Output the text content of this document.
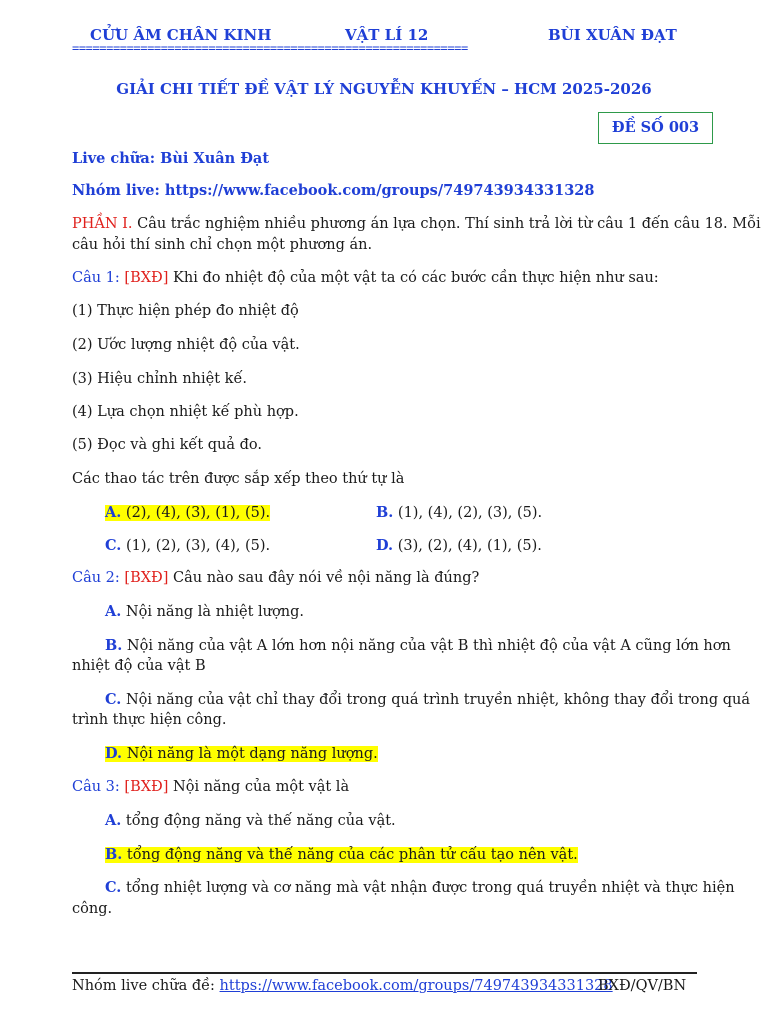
CỬU ÂM CHÂN KINH	VẬT LÍ 12	BÙI XUÂN ĐẠT
==========================================================
GIẢI CHI TIẾT ĐỀ VẬT LÝ NGUYỄN KHUYẾN – HCM 2025-2026
ĐỀ SỐ 003
Live chữa: Bùi Xuân Đạt
Nhóm live: https://www.facebook.com/groups/749743934331328
PHẦN I. Câu trắc nghiệm nhiều phương án lựa chọn. Thí sinh trả lời từ câu 1 đến câu 18. Mỗi
câu hỏi thí sinh chỉ chọn một phương án.
Câu 1: [BXĐ] Khi đo nhiệt độ của một vật ta có các bước cần thực hiện như sau:
(1) Thực hiện phép đo nhiệt độ
(2) Ước lượng nhiệt độ của vật.
(3) Hiệu chỉnh nhiệt kế.
(4) Lựa chọn nhiệt kế phù hợp.
(5) Đọc và ghi kết quả đo.
Các thao tác trên được sắp xếp theo thứ tự là
A. (2), (4), (3), (1), (5).	B. (1), (4), (2), (3), (5).
C. (1), (2), (3), (4), (5).	D. (3), (2), (4), (1), (5).
Câu 2: [BXĐ] Câu nào sau đây nói về nội năng là đúng?
A. Nội năng là nhiệt lượng.
B. Nội năng của vật A lớn hơn nội năng của vật B thì nhiệt độ của vật A cũng lớn hơn
nhiệt độ của vật B
C. Nội năng của vật chỉ thay đổi trong quá trình truyền nhiệt, không thay đổi trong quá
trình thực hiện công.
D. Nội năng là một dạng năng lượng.
Câu 3: [BXĐ] Nội năng của một vật là
A. tổng động năng và thế năng của vật.
B. tổng động năng và thế năng của các phân tử cấu tạo nên vật.
C. tổng nhiệt lượng và cơ năng mà vật nhận được trong quá truyền nhiệt và thực hiện
công.
Nhóm live chữa đề: https://www.facebook.com/groups/749743934331328
BXĐ/QV/BN
